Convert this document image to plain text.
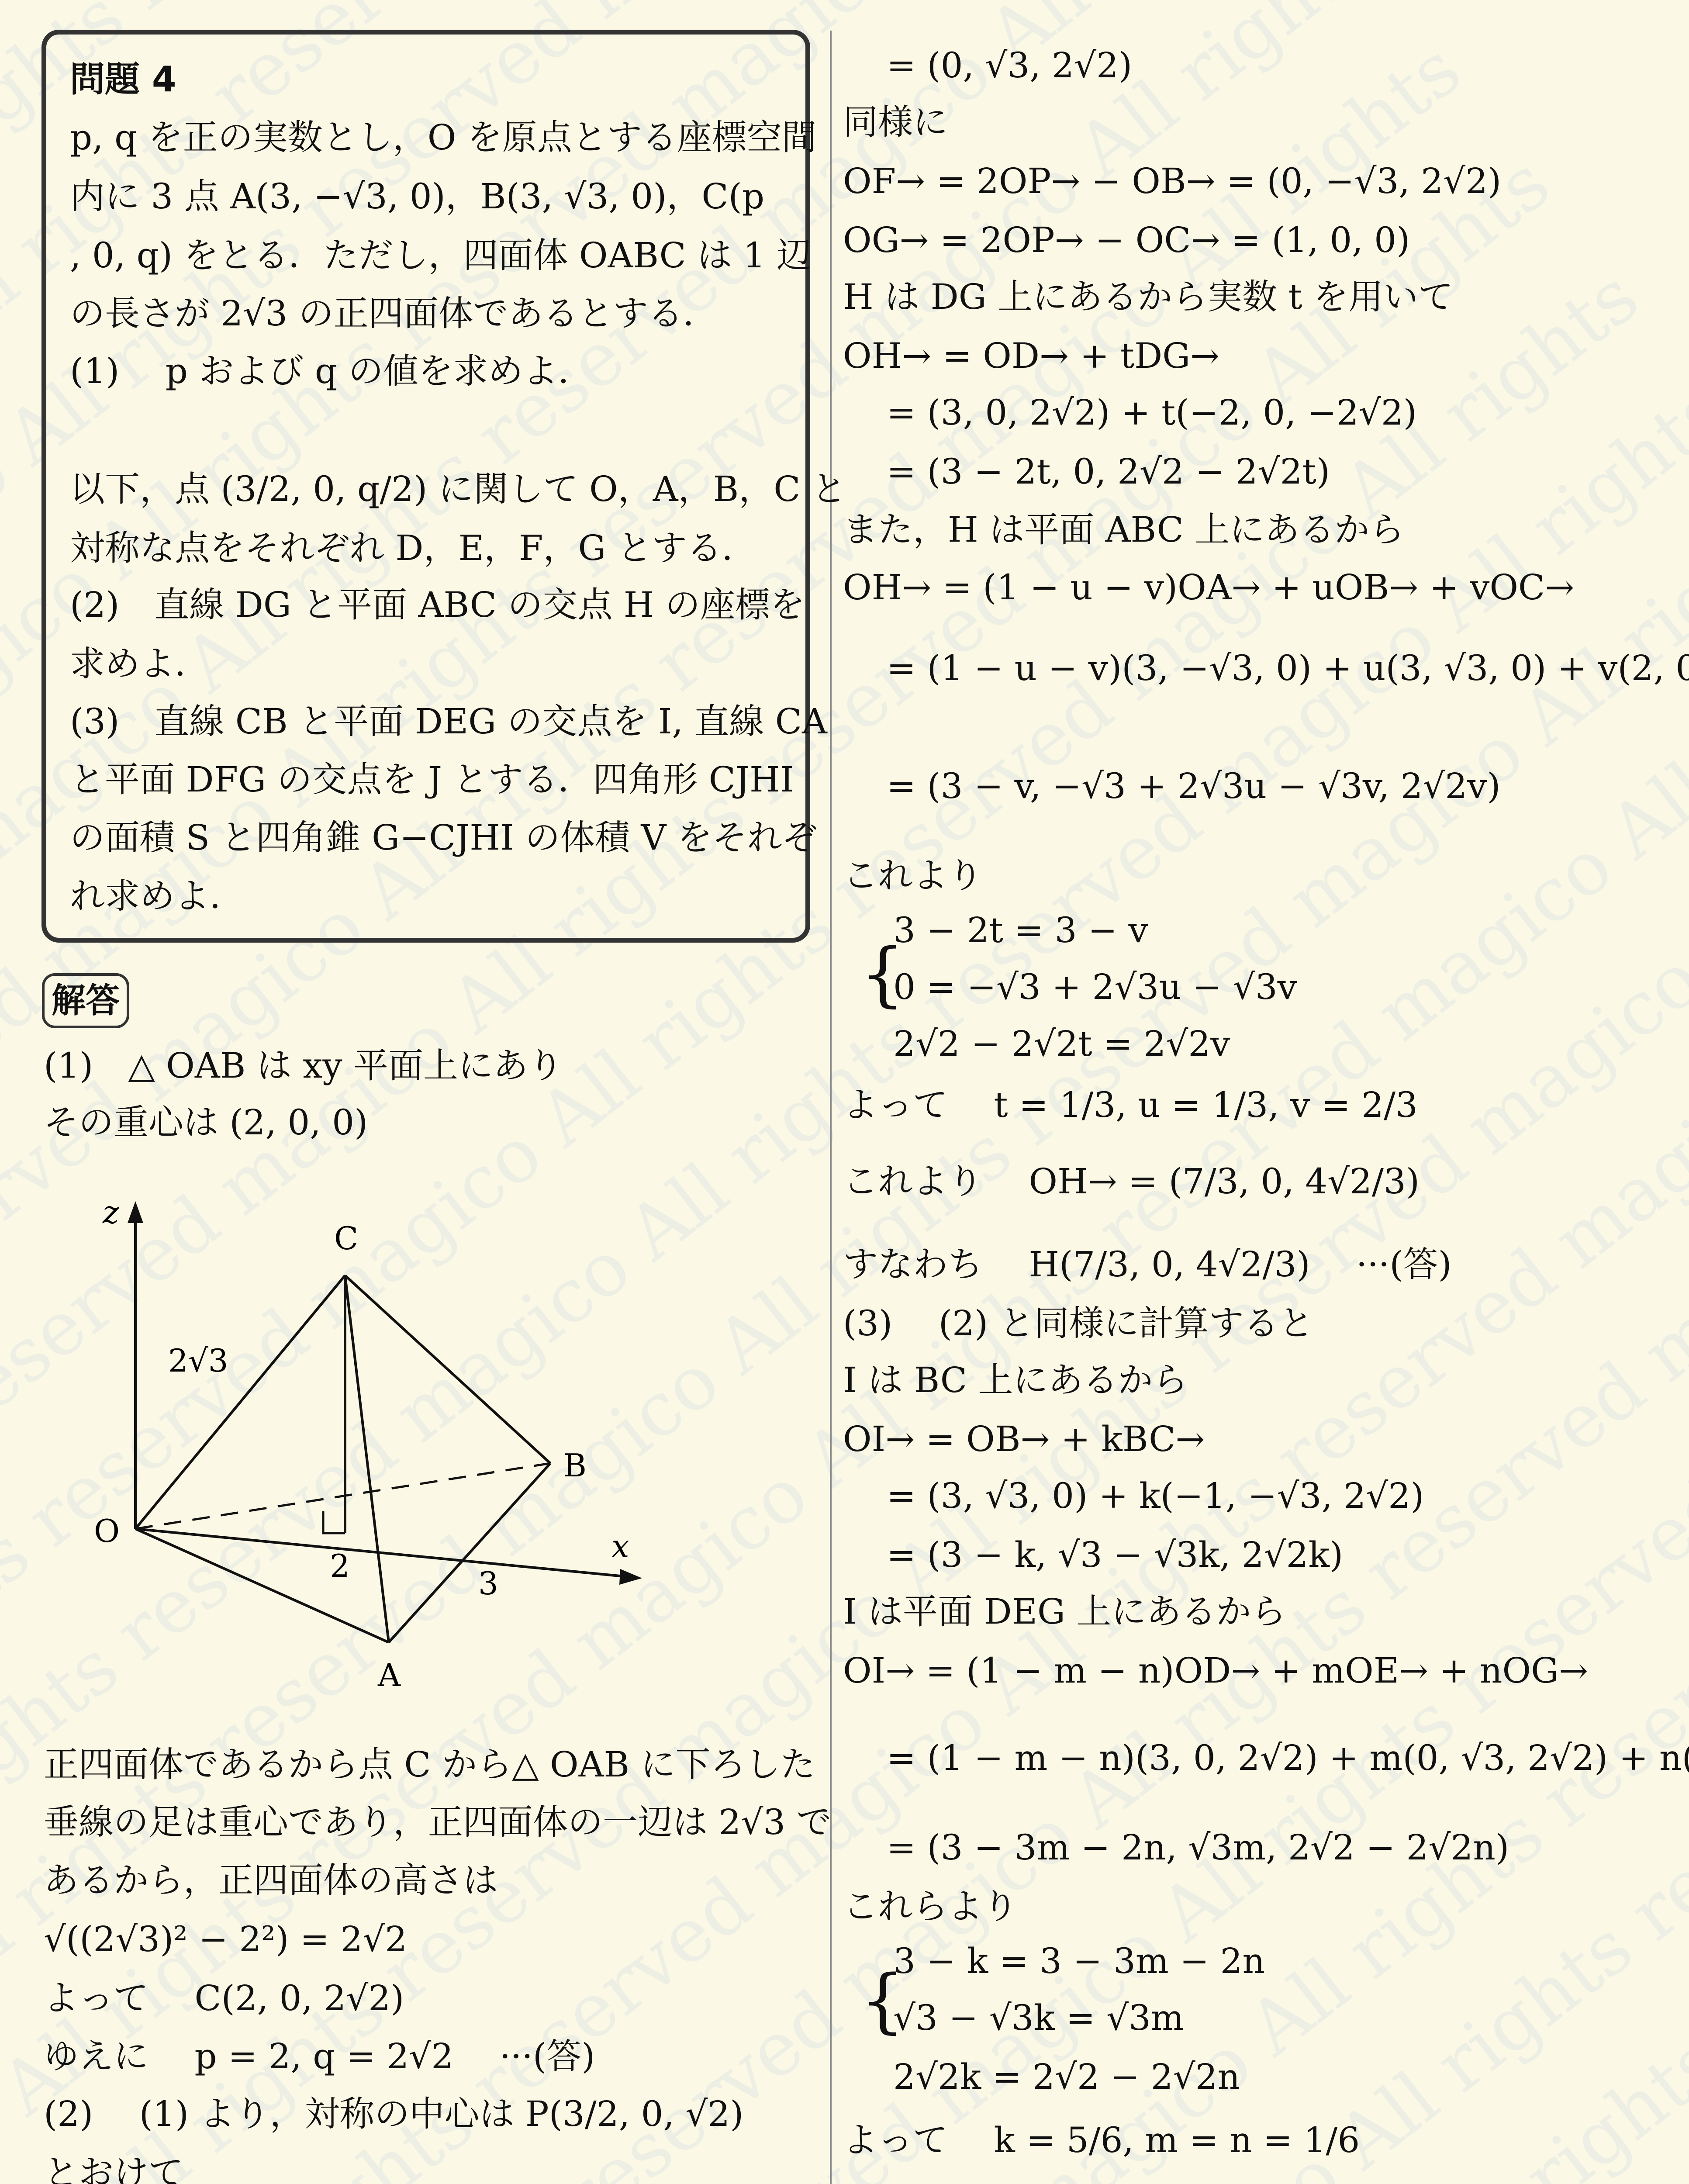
magico All rights reserved magico All
reserved magico All rights reserved magico All rights
reserved magico All rights reserved magico All rights
reserved magico All rights reserved magico All rights reserved
rights reserved magico All rights reserved magico All rights reserved
rights reserved magico All rights reserved magico All rights
All rights reserved magico All rights reserved magico All rights
All rights reserved magico All rights reserved magico All
All rights reserved magico All rights reserved magico All
rights reserved magico All rights reserved magico
reserved magico All rights reserved magico
magico All rights reserved
magico All rights reserved
All rights reserved
rights
問題 4
p, q を正の実数とし，O を原点とする座標空間
内に 3 点 A(3, −√3, 0)，B(3, √3, 0)，C(p
, 0, q) をとる．ただし，四面体 OABC は 1 辺
の長さが 2√3 の正四面体であるとする．
(1)　 p および q の値を求めよ．
以下，点 (3/2, 0, q/2) に関して O，A，B，C と
対称な点をそれぞれ D，E，F，G とする．
(2)　直線 DG と平面 ABC の交点 H の座標を
求めよ．
(3)　直線 CB と平面 DEG の交点を I, 直線 CA
と平面 DFG の交点を J とする．四角形 CJHI
の面積 S と四角錐 G−CJHI の体積 V をそれぞ
れ求めよ．
解答
(1)　△ OAB は xy 平面上にあり
その重心は (2, 0, 0)
z
x
O
C
B
A
2√3
2	3
正四面体であるから点 C から△ OAB に下ろした
垂線の足は重心であり，正四面体の一辺は 2√3 で
あるから，正四面体の高さは
√((2√3)² − 2²) = 2√2
よって　 C(2, 0, 2√2)
ゆえに　 p = 2, q = 2√2　 ···(答)
(2)　 (1) より，対称の中心は P(3/2, 0, √2)
とおけて
= (0, √3, 2√2)
同様に
OF→ = 2OP→ − OB→ = (0, −√3, 2√2)
OG→ = 2OP→ − OC→ = (1, 0, 0)
H は DG 上にあるから実数 t を用いて
OH→ = OD→ + tDG→
= (3, 0, 2√2) + t(−2, 0, −2√2)
= (3 − 2t, 0, 2√2 − 2√2t)
また，H は平面 ABC 上にあるから
OH→ = (1 − u − v)OA→ + uOB→ + vOC→
= (1 − u − v)(3, −√3, 0) + u(3, √3, 0) + v(2, 0
= (3 − v, −√3 + 2√3u − √3v, 2√2v)
これより
{
3 − 2t = 3 − v
0 = −√3 + 2√3u − √3v
2√2 − 2√2t = 2√2v
よって　 t = 1/3, u = 1/3, v = 2/3
これより　 OH→ = (7/3, 0, 4√2/3)
すなわち　 H(7/3, 0, 4√2/3)　 ···(答)
(3)　 (2) と同様に計算すると
I は BC 上にあるから
OI→ = OB→ + kBC→
= (3, √3, 0) + k(−1, −√3, 2√2)
= (3 − k, √3 − √3k, 2√2k)
I は平面 DEG 上にあるから
OI→ = (1 − m − n)OD→ + mOE→ + nOG→
= (1 − m − n)(3, 0, 2√2) + m(0, √3, 2√2) + n
= (3 − 3m − 2n, √3m, 2√2 − 2√2n)
これらより
{
3 − k = 3 − 3m − 2n
√3 − √3k = √3m
2√2k = 2√2 − 2√2n
よって　 k = 5/6, m = n = 1/6
